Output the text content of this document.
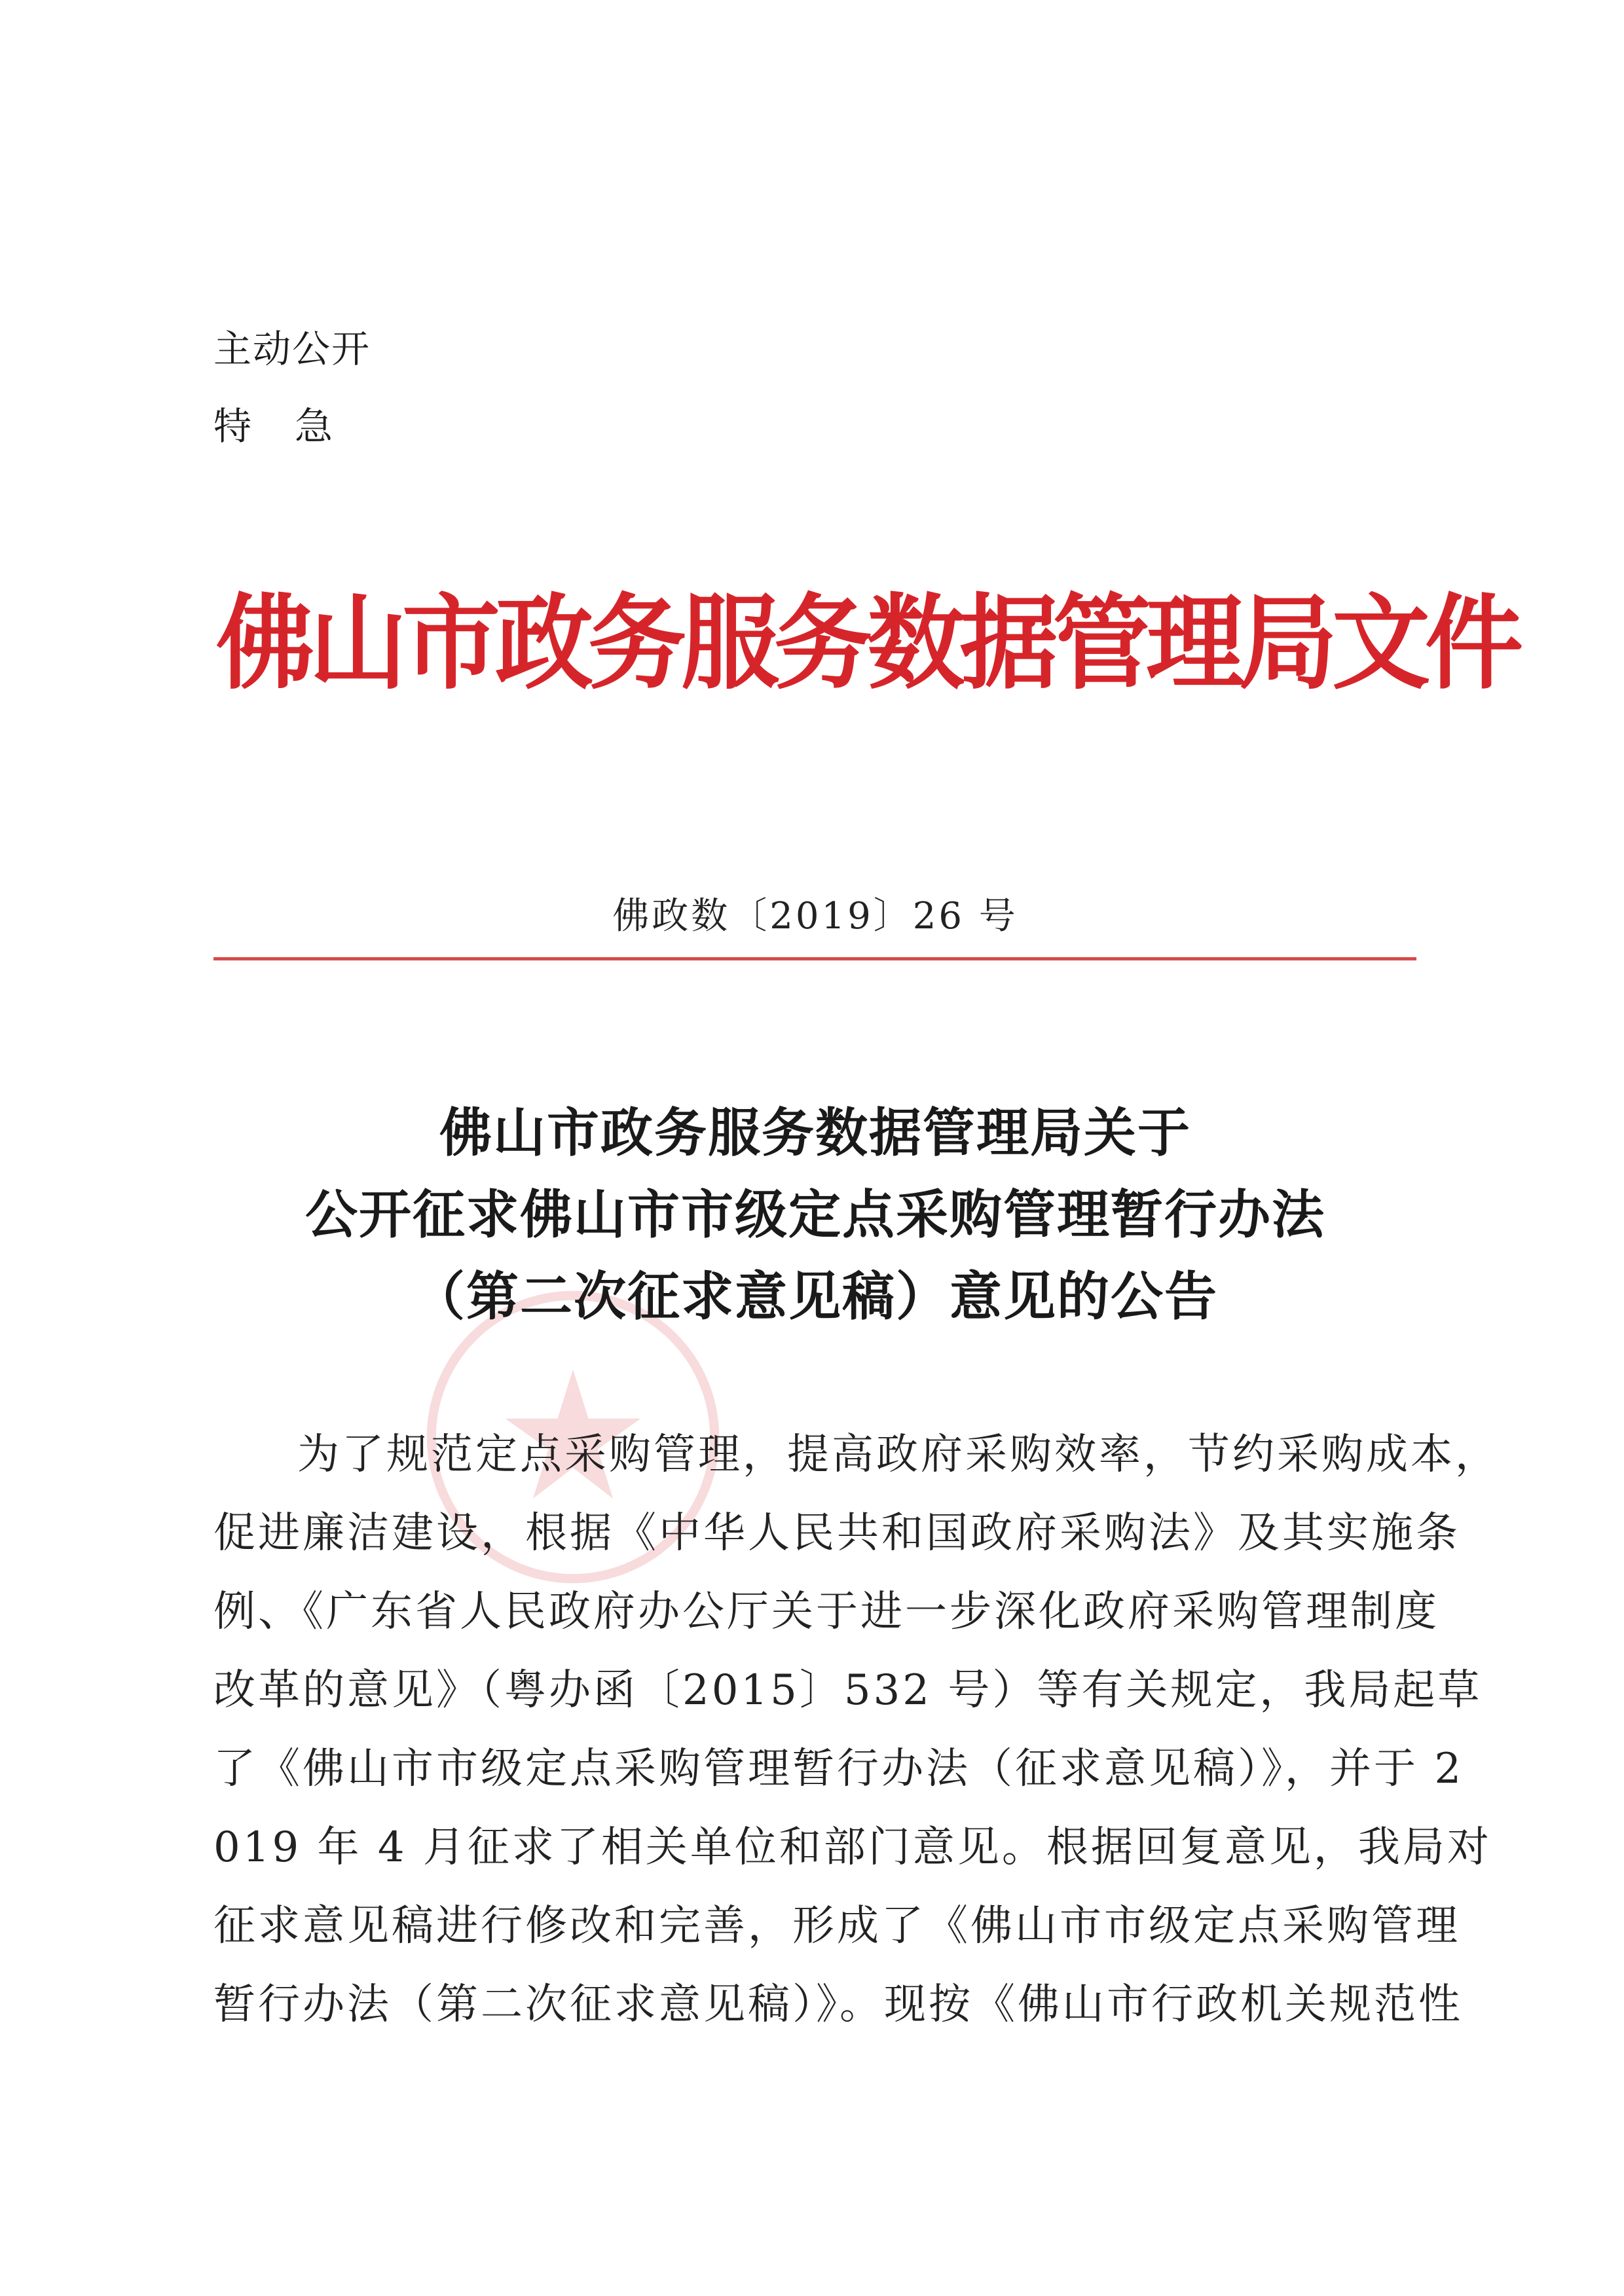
主动公开
特急
佛山市政务服务数据管理局文件
佛政数〔2019〕26 号
佛山市政务服务数据管理局关于
公开征求佛山市市级定点采购管理暂行办法
（第二次征求意见稿）意见的公告
为了规范定点采购管理，提高政府采购效率，节约采购成本，
促进廉洁建设，根据《中华人民共和国政府采购法》及其实施条
例、《广东省人民政府办公厅关于进一步深化政府采购管理制度
改革的意见》（粤办函〔2015〕532 号）等有关规定，我局起草
了《佛山市市级定点采购管理暂行办法（征求意见稿）》，并于 2
019 年 4 月征求了相关单位和部门意见。根据回复意见，我局对
征求意见稿进行修改和完善，形成了《佛山市市级定点采购管理
暂行办法（第二次征求意见稿）》。现按《佛山市行政机关规范性
